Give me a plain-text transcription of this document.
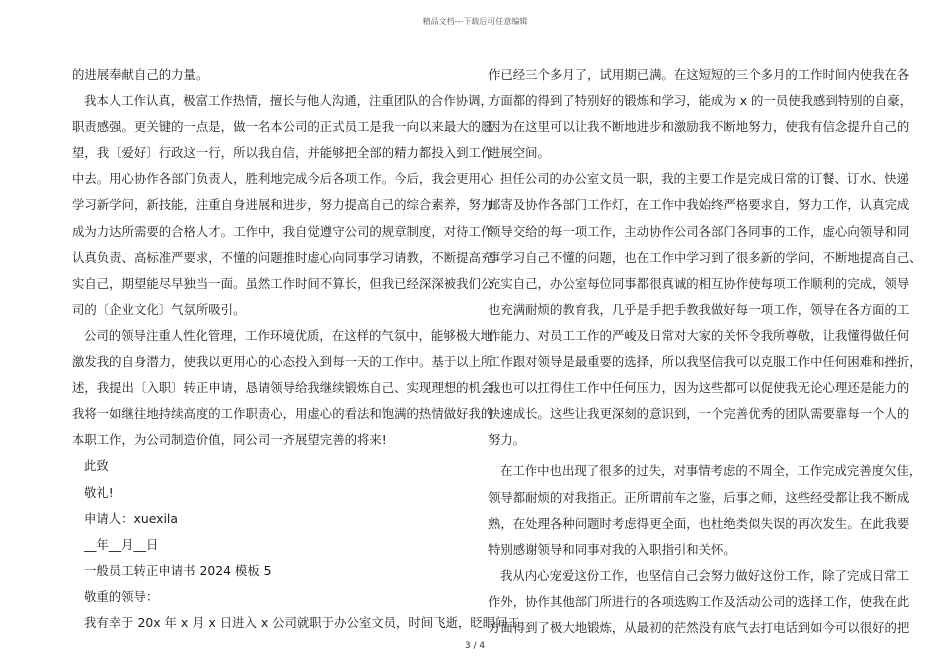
精品文档---下载后可任意编辑
的进展奉献自己的力量。
我本人工作认真，极富工作热情，擅长与他人沟通，注重团队的合作协调，
职责感强。更关键的一点是，做一名本公司的正式员工是我一向以来最大的愿
望，我〔爱好〕行政这一行，所以我自信，并能够把全部的精力都投入到工作
中去。用心协作各部门负责人，胜利地完成今后各项工作。今后，我会更用心
学习新学问，新技能，注重自身进展和进步，努力提高自己的综合素养，努力
成为力达所需要的合格人才。工作中，我自觉遵守公司的规章制度，对待工作
认真负责、高标准严要求，不懂的问题推时虚心向同事学习请教，不断提高充
实自己，期望能尽早独当一面。虽然工作时间不算长，但我已经深深被我们公
司的〔企业文化〕气氛所吸引。
公司的领导注重人性化管理，工作环境优质，在这样的气氛中，能够极大地
激发我的自身潜力，使我以更用心的心态投入到每一天的工作中。基于以上所
述，我提出〔入职〕转正申请，恳请领导给我继续锻炼自己、实现理想的机会。
我将一如继往地持续高度的工作职责心，用虚心的看法和饱满的热情做好我的
本职工作，为公司制造价值，同公司一齐展望完善的将来!
此致
敬礼!
申请人：xuexila
__年__月__日
一般员工转正申请书 2024 模板 5
敬重的领导：
我有幸于 20x 年 x 月 x 日进入 x 公司就职于办公室文员，时间飞逝，眨眼间工
作已经三个多月了，试用期已满。在这短短的三个多月的工作时间内使我在各
方面都的得到了特别好的锻炼和学习，能成为 x 的一员使我感到特别的自豪，
因为在这里可以让我不断地进步和激励我不断地努力，使我有信念提升自己的
进展空间。
担任公司的办公室文员一职，我的主要工作是完成日常的订餐、订水、快递
邮寄及协作各部门工作灯，在工作中我始终严格要求自，努力工作，认真完成
领导交给的每一项工作，主动协作公司各部门各同事的工作，虚心向领导和同
事学习自己不懂的问题，也在工作中学习到了很多新的学问，不断地提高自己、
充实自己，办公室每位同事都很真诚的相互协作使每项工作顺利的完成，领导
也充满耐烦的教育我，几乎是手把手教我做好每一项工作，领导在各方面的工
作能力、对员工工作的严峻及日常对大家的关怀令我所尊敬，让我懂得做任何
工作跟对领导是最重要的选择，所以我坚信我可以克服工作中任何困难和挫折，
我也可以扛得住工作中任何压力，因为这些都可以促使我无论心理还是能力的
快速成长。这些让我更深刻的意识到，一个完善优秀的团队需要靠每一个人的
努力。
在工作中也出现了很多的过失，对事情考虑的不周全，工作完成完善度欠佳，
领导都耐烦的对我指正。正所谓前车之鉴，后事之师，这些经受都让我不断成
熟，在处理各种问题时考虑得更全面，也杜绝类似失误的再次发生。在此我要
特别感谢领导和同事对我的入职指引和关怀。
我从内心宠爱这份工作，也坚信自己会努力做好这份工作，除了完成日常工
作外，协作其他部门所进行的各项选购工作及活动公司的选择工作，使我在此
方面得到了极大地锻炼，从最初的茫然没有底气去打电话到如今可以很好的把
3 / 4
